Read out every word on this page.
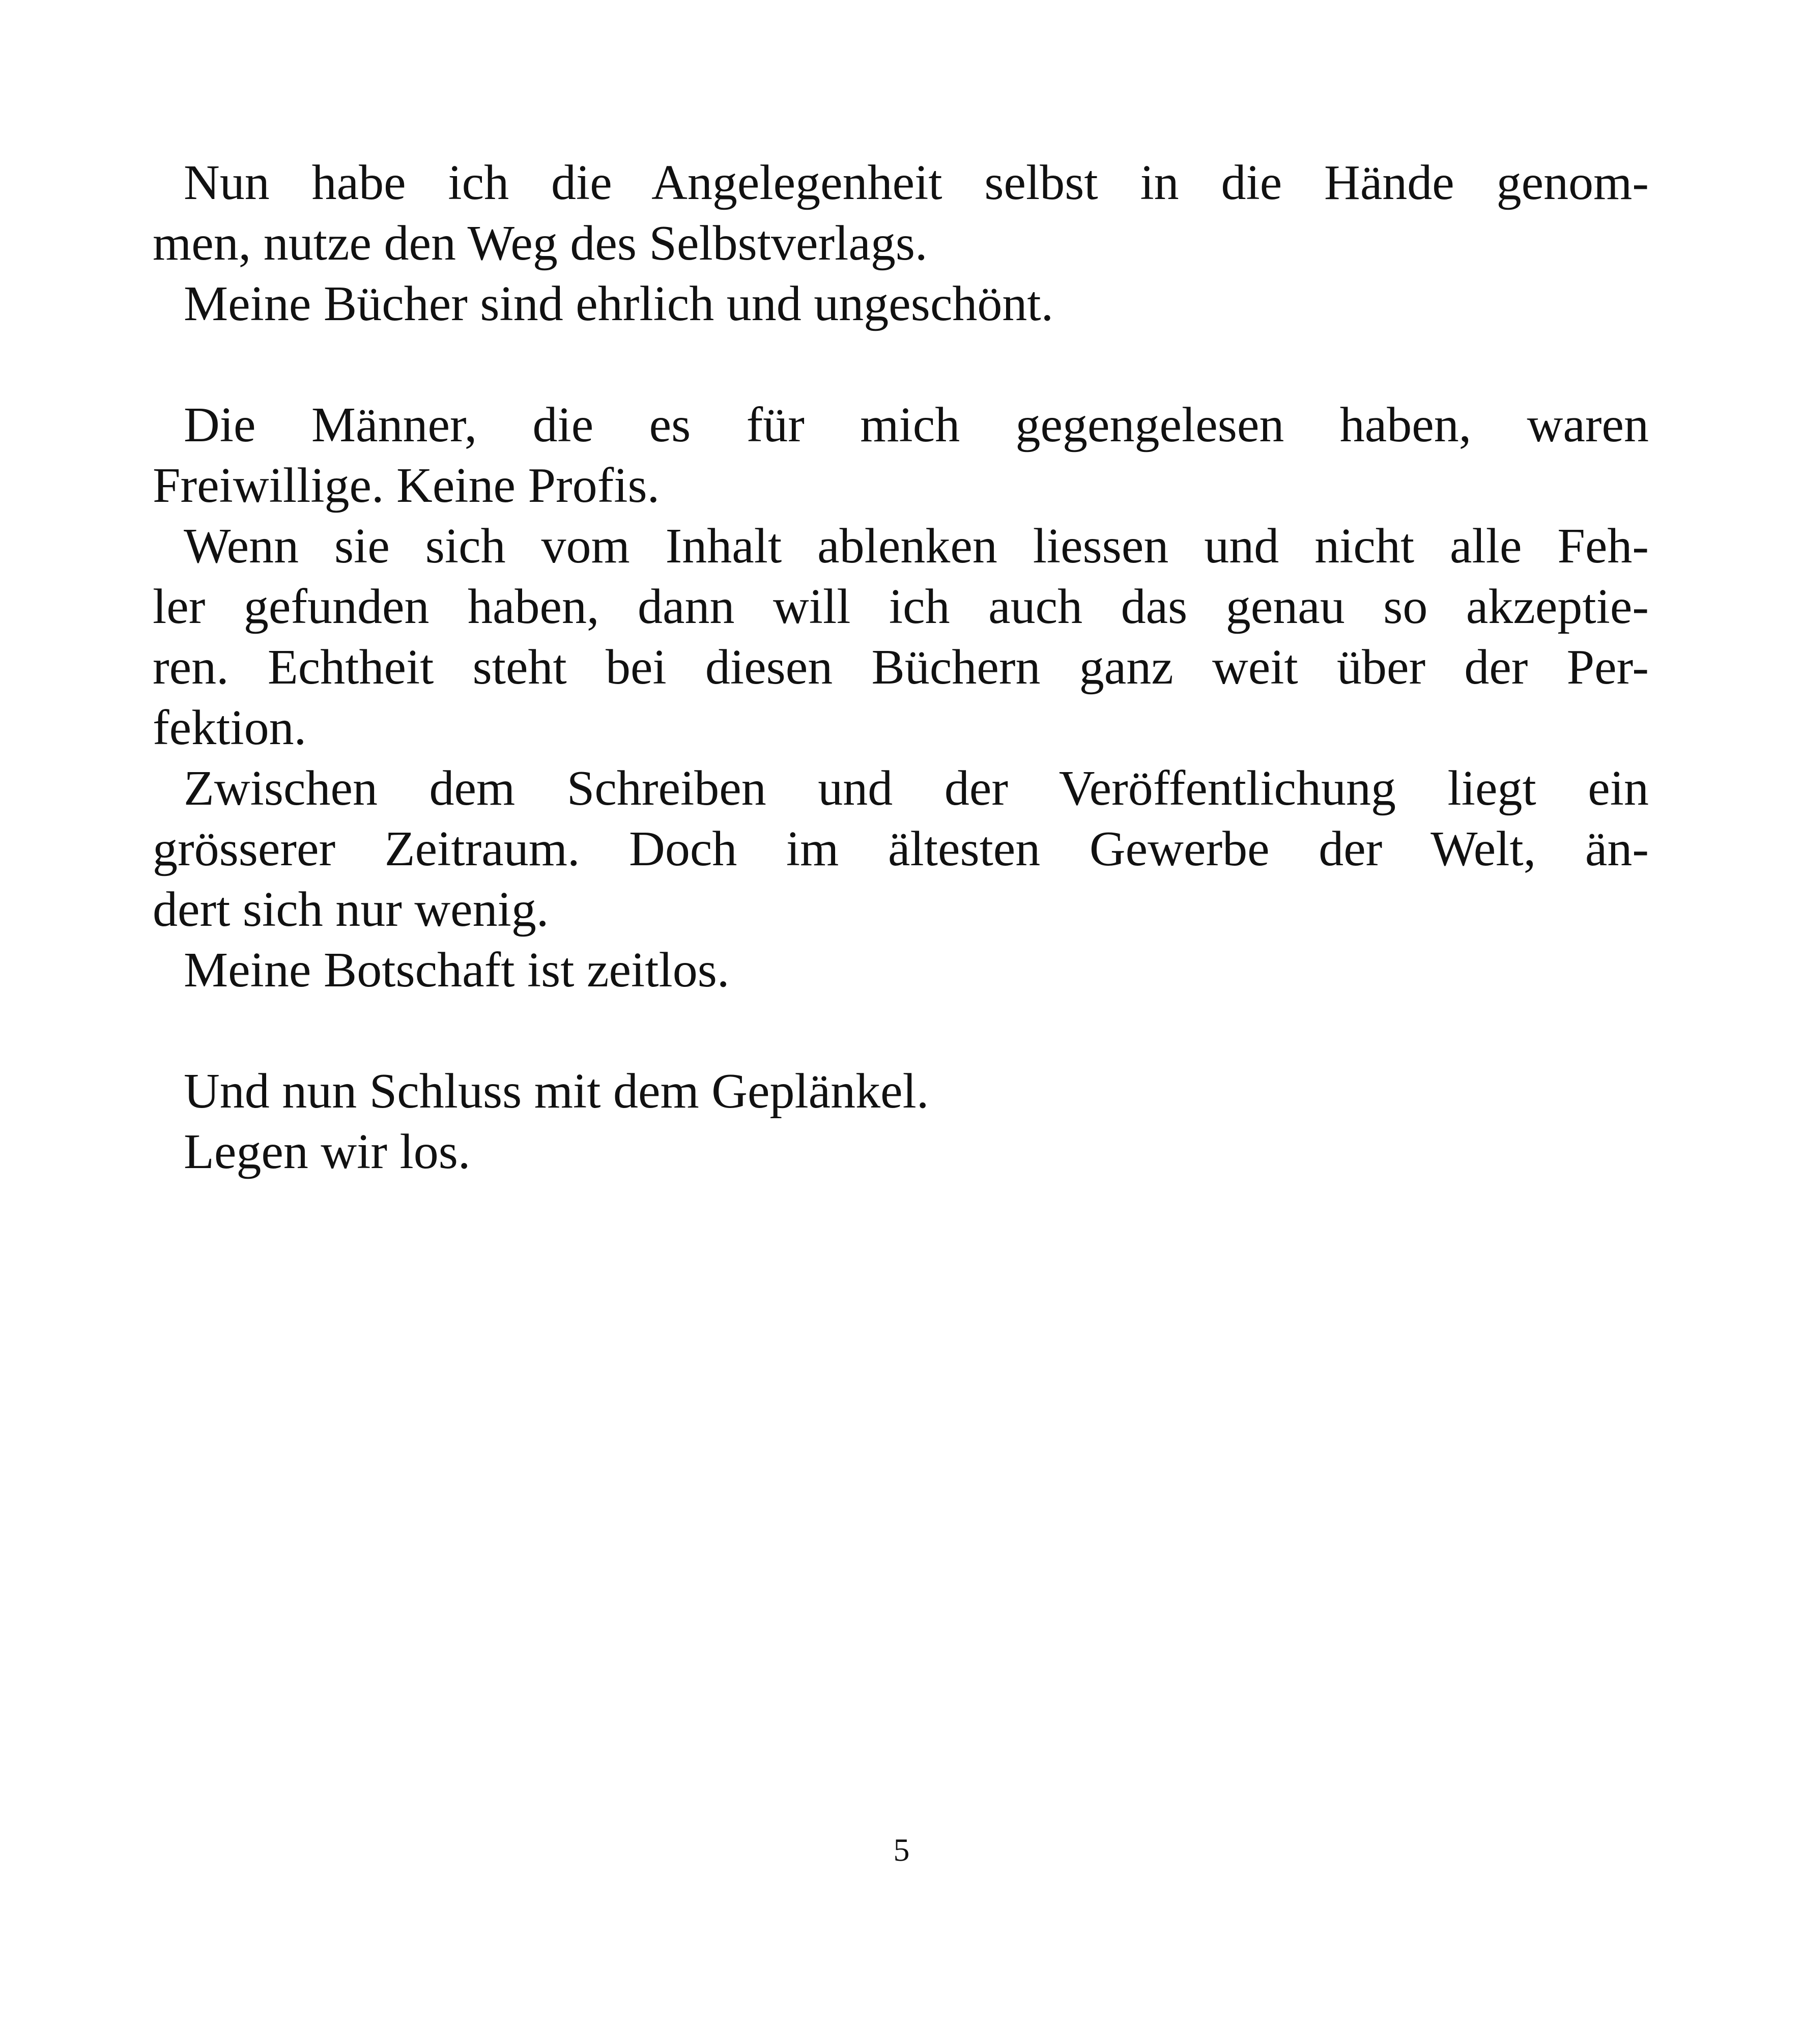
Nun habe ich die Angelegenheit selbst in die Hände genom-
men, nutze den Weg des Selbstverlags.
Meine Bücher sind ehrlich und ungeschönt.
Die Männer, die es für mich gegengelesen haben, waren
Freiwillige. Keine Profis.
Wenn sie sich vom Inhalt ablenken liessen und nicht alle Feh-
ler gefunden haben, dann will ich auch das genau so akzeptie-
ren. Echtheit steht bei diesen Büchern ganz weit über der Per-
fektion.
Zwischen dem Schreiben und der Veröffentlichung liegt ein
grösserer Zeitraum. Doch im ältesten Gewerbe der Welt, än-
dert sich nur wenig.
Meine Botschaft ist zeitlos.
Und nun Schluss mit dem Geplänkel.
Legen wir los.
5
